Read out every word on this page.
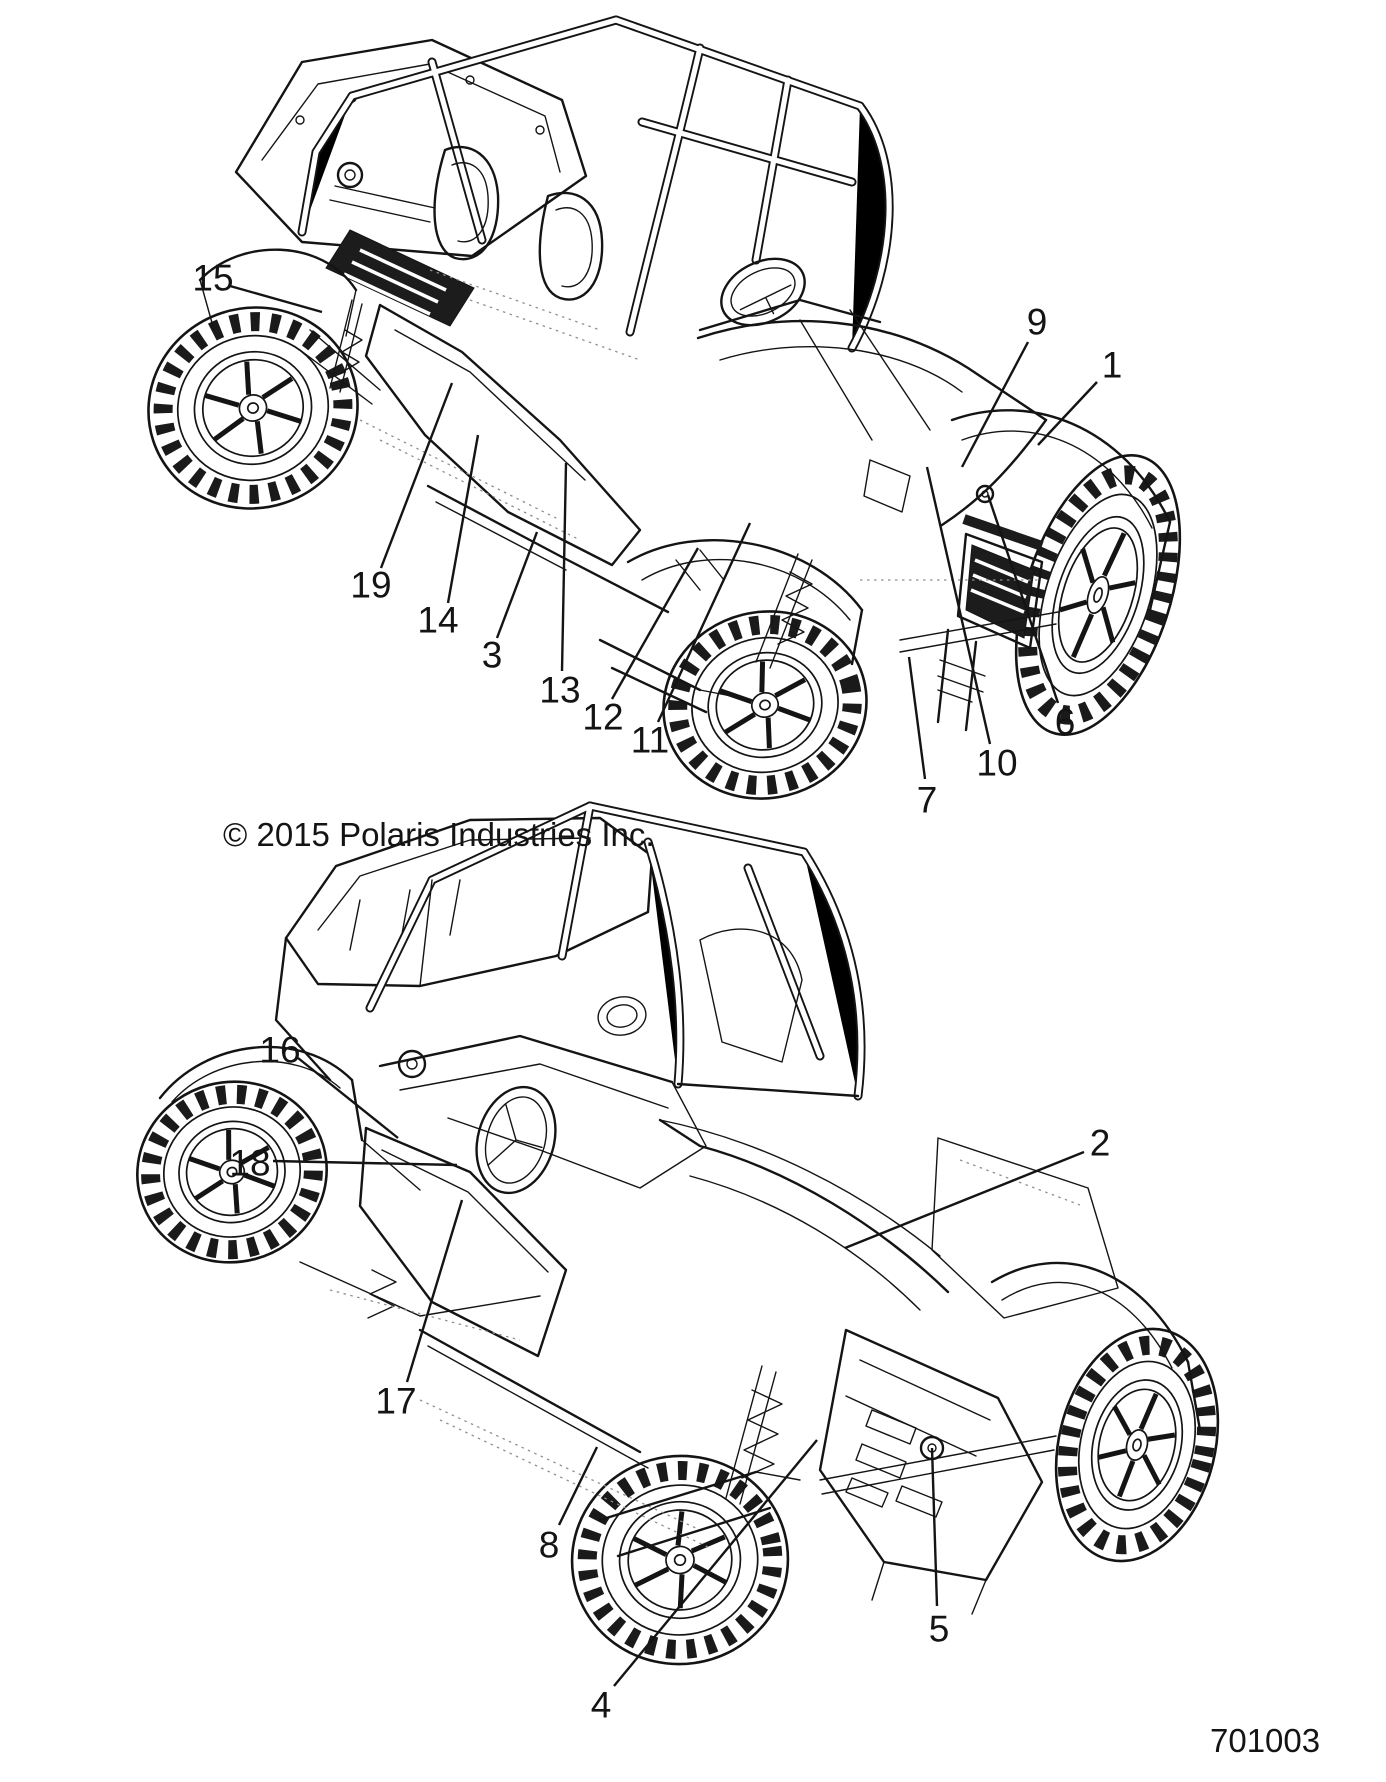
© 2015 Polaris Industries Inc.
701003
15
9
1
19
14
3
13
12
11
7
10
6
16
18	2
17
8
5
4
